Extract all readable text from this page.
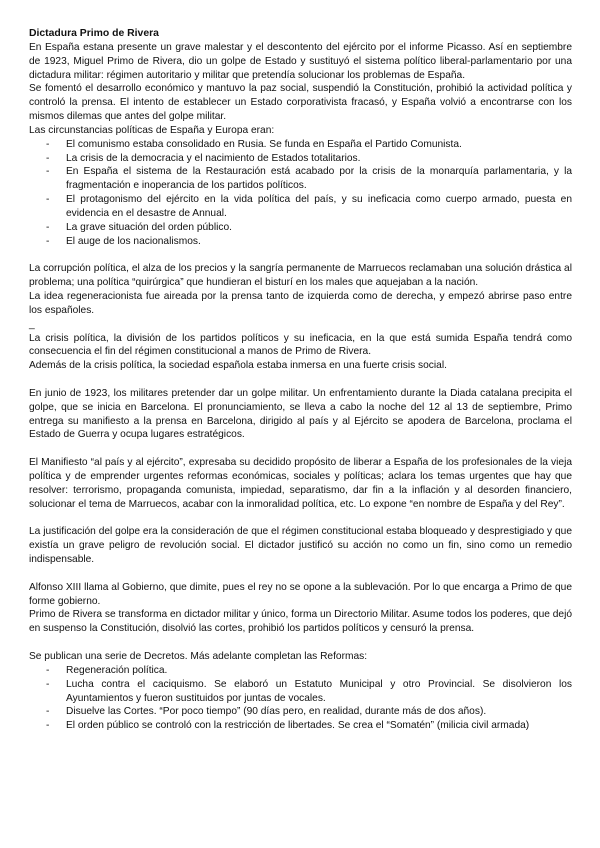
Dictadura Primo de Rivera

En España estana presente un grave malestar y el descontento del ejército por el informe Picasso. Así en septiembre de 1923, Miguel Primo de Rivera, dio un golpe de Estado y sustituyó el sistema político liberal-parlamentario por una dictadura militar: régimen autoritario y militar que pretendía solucionar los problemas de España.

Se fomentó el desarrollo económico y mantuvo la paz social, suspendió la Constitución, prohibió la actividad política y controló la prensa. El intento de establecer un Estado corporativista fracasó, y España volvió a encontrarse con los mismos dilemas que antes del golpe militar.

Las circunstancias políticas de España y Europa eran:

- El comunismo estaba consolidado en Rusia. Se funda en España el Partido Comunista.
- La crisis de la democracia y el nacimiento de Estados totalitarios.
- En España el sistema de la Restauración está acabado por la crisis de la monarquía parlamentaria, y la fragmentación e inoperancia de los partidos políticos.
- El protagonismo del ejército en la vida política del país, y su ineficacia como cuerpo armado, puesta en evidencia en el desastre de Annual.
- La grave situación del orden público.
- El auge de los nacionalismos.

La corrupción política, el alza de los precios y la sangría permanente de Marruecos reclamaban una solución drástica al problema; una política “quirúrgica” que hundieran el bisturí en los males que aquejaban a la nación.

La idea regeneracionista fue aireada por la prensa tanto de izquierda como de derecha, y empezó abrirse paso entre los españoles.

_

La crisis política, la división de los partidos políticos y su ineficacia, en la que está sumida España tendrá como consecuencia el fin del régimen constitucional a manos de Primo de Rivera.

Además de la crisis política, la sociedad española estaba inmersa en una fuerte crisis social.

En junio de 1923, los militares pretender dar un golpe militar. Un enfrentamiento durante la Diada catalana precipita el golpe, que se inicia en Barcelona. El pronunciamiento, se lleva a cabo la noche del 12 al 13 de septiembre, Primo entrega su manifiesto a la prensa en Barcelona, dirigido al país y al Ejército se apodera de Barcelona, proclama el Estado de Guerra y ocupa lugares estratégicos.

El Manifiesto “al país y al ejército”, expresaba su decidido propósito de liberar a España de los profesionales de la vieja política y de emprender urgentes reformas económicas, sociales y políticas; aclara los temas urgentes que hay que resolver: terrorismo, propaganda comunista, impiedad, separatismo, dar fin a la inflación y al desorden financiero, solucionar el tema de Marruecos, acabar con la inmoralidad política, etc. Lo expone “en nombre de España y del Rey”.

La justificación del golpe era la consideración de que el régimen constitucional estaba bloqueado y desprestigiado y que existía un grave peligro de revolución social. El dictador justificó su acción no como un fin, sino como un remedio indispensable.

Alfonso XIII llama al Gobierno, que dimite, pues el rey no se opone a la sublevación. Por lo que encarga a Primo de que forme gobierno.

Primo de Rivera se transforma en dictador militar y único, forma un Directorio Militar. Asume todos los poderes, que dejó en suspenso la Constitución, disolvió las cortes, prohibió los partidos políticos y censuró la prensa.

Se publican una serie de Decretos. Más adelante completan las Reformas:

- Regeneración política.
- Lucha contra el caciquismo. Se elaboró un Estatuto Municipal y otro Provincial. Se disolvieron los Ayuntamientos y fueron sustituidos por juntas de vocales.
- Disuelve las Cortes. “Por poco tiempo” (90 días pero, en realidad, durante más de dos años).
- El orden público se controló con la restricción de libertades. Se crea el “Somatén” (milicia civil armada)
